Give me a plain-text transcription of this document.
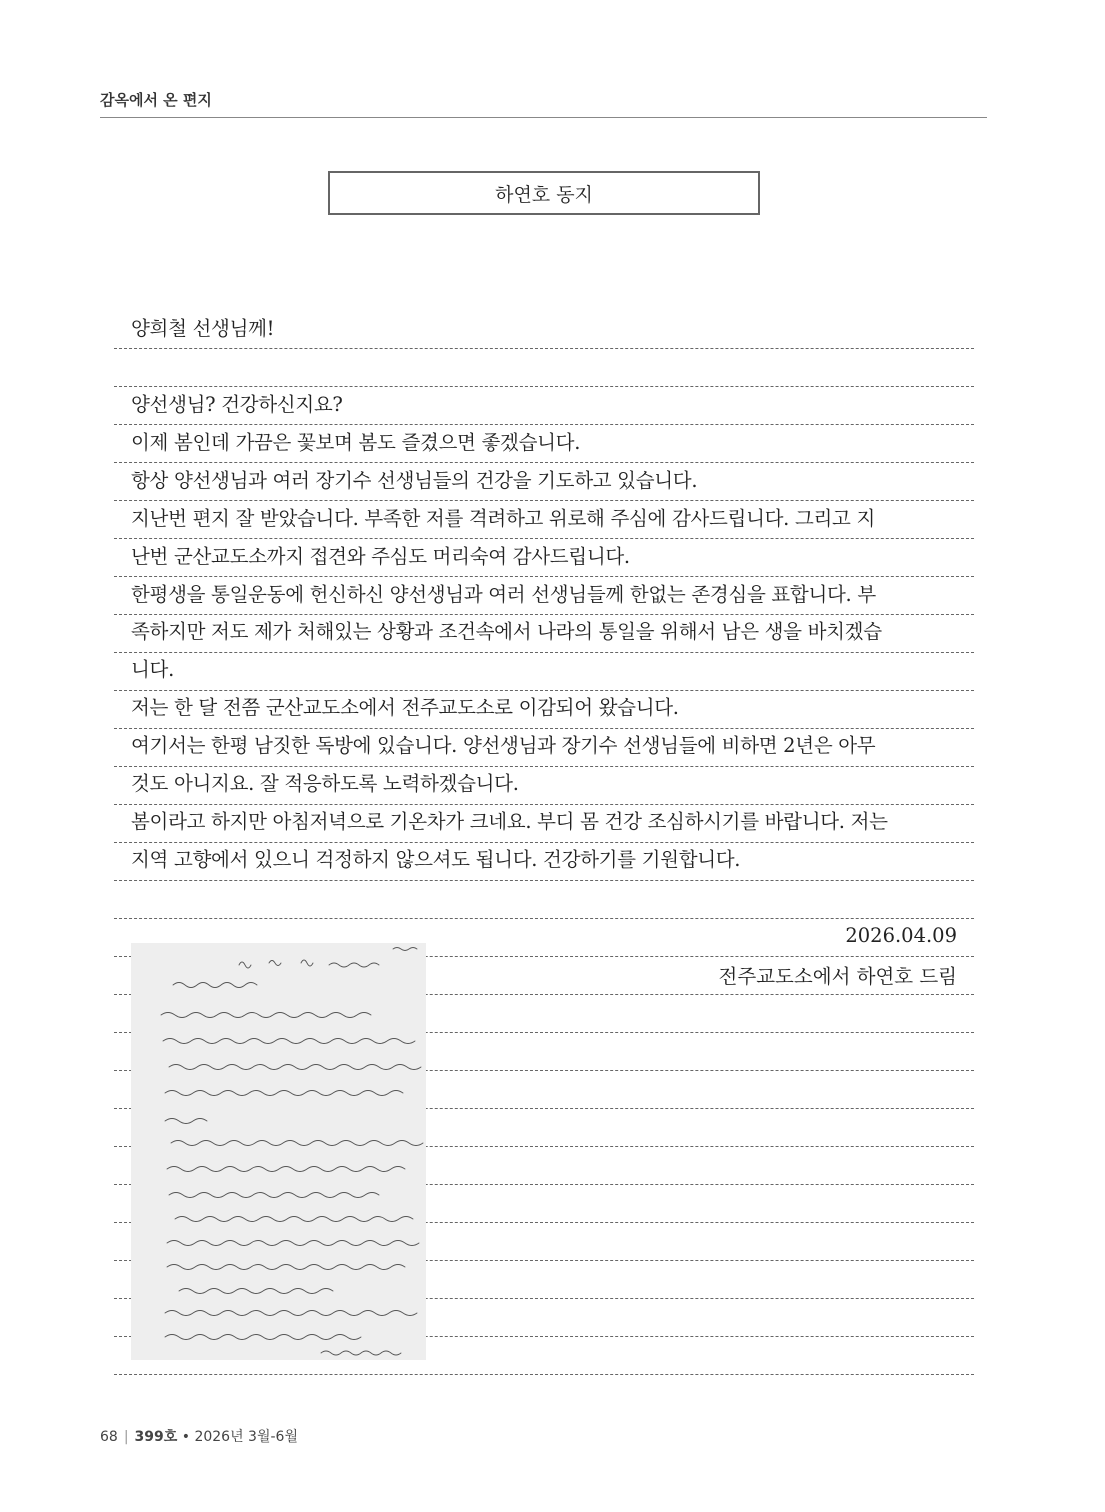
감옥에서 온 편지
하연호 동지
양희철 선생님께!
양선생님? 건강하신지요?
이제 봄인데 가끔은 꽃보며 봄도 즐겼으면 좋겠습니다.
항상 양선생님과 여러 장기수 선생님들의 건강을 기도하고 있습니다.
지난번 편지 잘 받았습니다. 부족한 저를 격려하고 위로해 주심에 감사드립니다. 그리고 지
난번 군산교도소까지 접견와 주심도 머리숙여 감사드립니다.
한평생을 통일운동에 헌신하신 양선생님과 여러 선생님들께 한없는 존경심을 표합니다. 부
족하지만 저도 제가 처해있는 상황과 조건속에서 나라의 통일을 위해서 남은 생을 바치겠습
니다.
저는 한 달 전쯤 군산교도소에서 전주교도소로 이감되어 왔습니다.
여기서는 한평 남짓한 독방에 있습니다. 양선생님과 장기수 선생님들에 비하면 2년은 아무
것도 아니지요. 잘 적응하도록 노력하겠습니다.
봄이라고 하지만 아침저녁으로 기온차가 크네요. 부디 몸 건강 조심하시기를 바랍니다. 저는
지역 고향에서 있으니 걱정하지 않으셔도 됩니다. 건강하기를 기원합니다.
2026.04.09
전주교도소에서 하연호 드림
68 | 399호 • 2026년 3월-6월
